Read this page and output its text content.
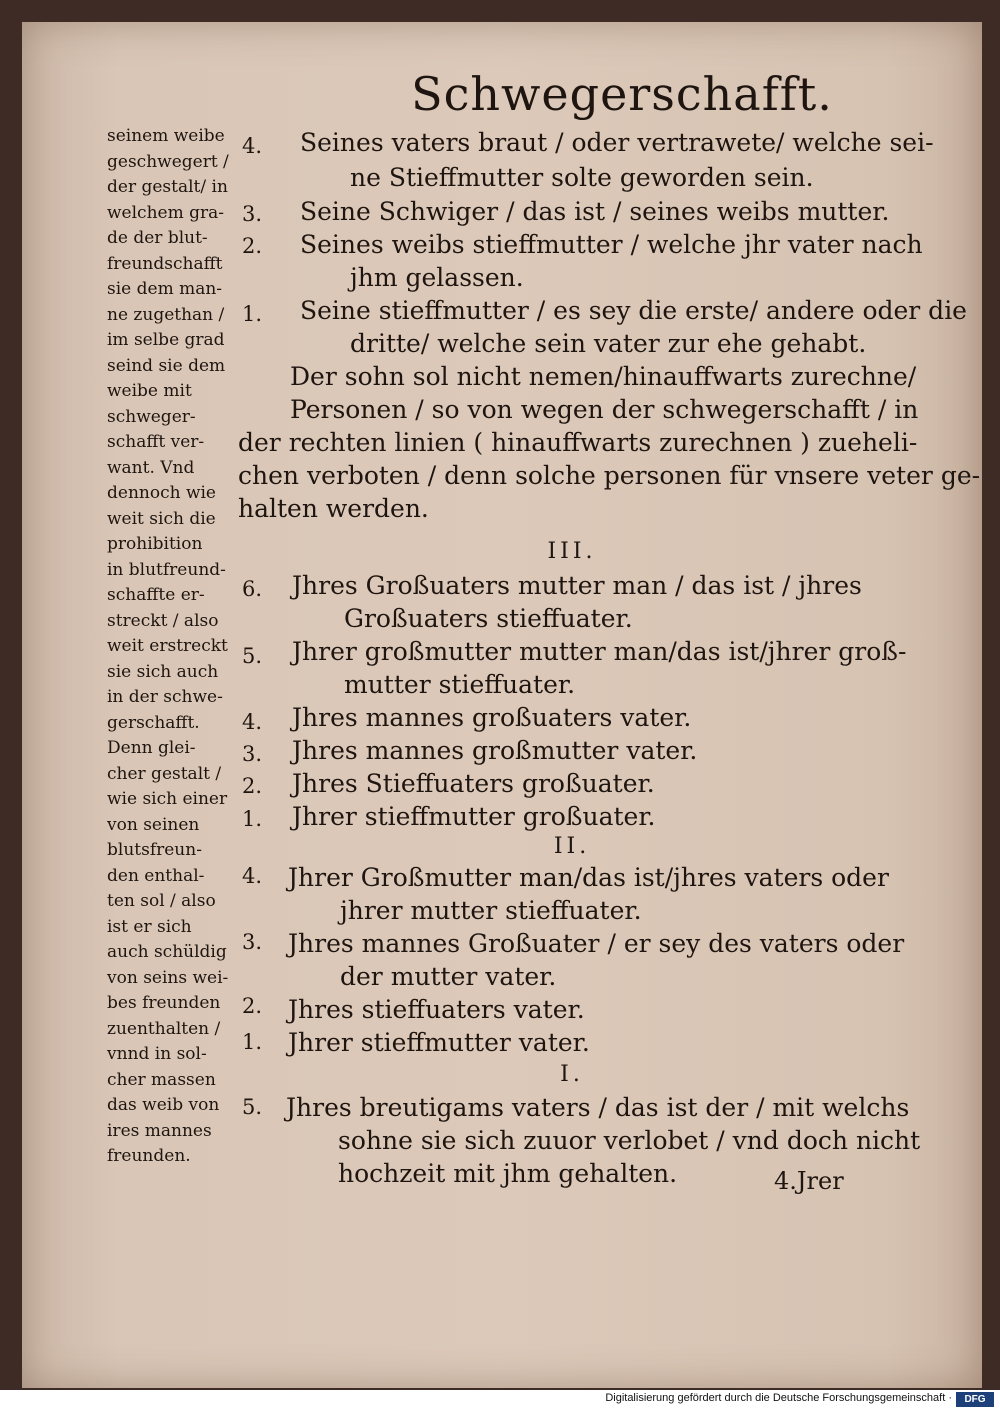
Schwegerschafft.

seinem weibe
geschwegert /
der gestalt/ in
welchem gra-
de der blut-
freundschafft
sie dem man-
ne zugethan /
im selbe grad
seind sie dem
weibe mit
schweger-
schafft ver-
want. Vnd
dennoch wie
weit sich die
prohibition
in blutfreund-
schaffte er-
streckt / also
weit erstreckt
sie sich auch
in der schwe-
gerschafft.
Denn glei-
cher gestalt /
wie sich einer
von seinen
blutsfreun-
den enthal-
ten sol / also
ist er sich
auch schüldig
von seins wei-
bes freunden
zuenthalten /
vnnd in sol-
cher massen
das weib von
ires mannes
freunden.

4.
3.
2.
1.
6.
5.
4.
3.
2.
1.
4.
3.
2.
1.
5.
Seines vaters braut / oder vertrawete/ welche sei-
ne Stieffmutter solte geworden sein.
Seine Schwiger / das ist / seines weibs mutter.
Seines weibs stieffmutter / welche jhr vater nach
jhm gelassen.
Seine stieffmutter / es sey die erste/ andere oder die
dritte/ welche sein vater zur ehe gehabt.
Der sohn sol nicht nemen/hinauffwarts zurechne/
Personen / so von wegen der schwegerschafft / in
der rechten linien ( hinauffwarts zurechnen ) zueheli-
chen verboten / denn solche personen für vnsere veter ge-
halten werden.
III.
Jhres Großuaters mutter man / das ist / jhres
Großuaters stieffuater.
Jhrer großmutter mutter man/das ist/jhrer groß-
mutter stieffuater.
Jhres mannes großuaters vater.
Jhres mannes großmutter vater.
Jhres Stieffuaters großuater.
Jhrer stieffmutter großuater.
II.
Jhrer Großmutter man/das ist/jhres vaters oder
jhrer mutter stieffuater.
Jhres mannes Großuater / er sey des vaters oder
der mutter vater.
Jhres stieffuaters vater.
Jhrer stieffmutter vater.
I.
Jhres breutigams vaters / das ist der / mit welchs
sohne sie sich zuuor verlobet / vnd doch nicht
hochzeit mit jhm gehalten.	4.Jrer
Digitalisierung gefördert durch die Deutsche Forschungsgemeinschaft ·	DFG
